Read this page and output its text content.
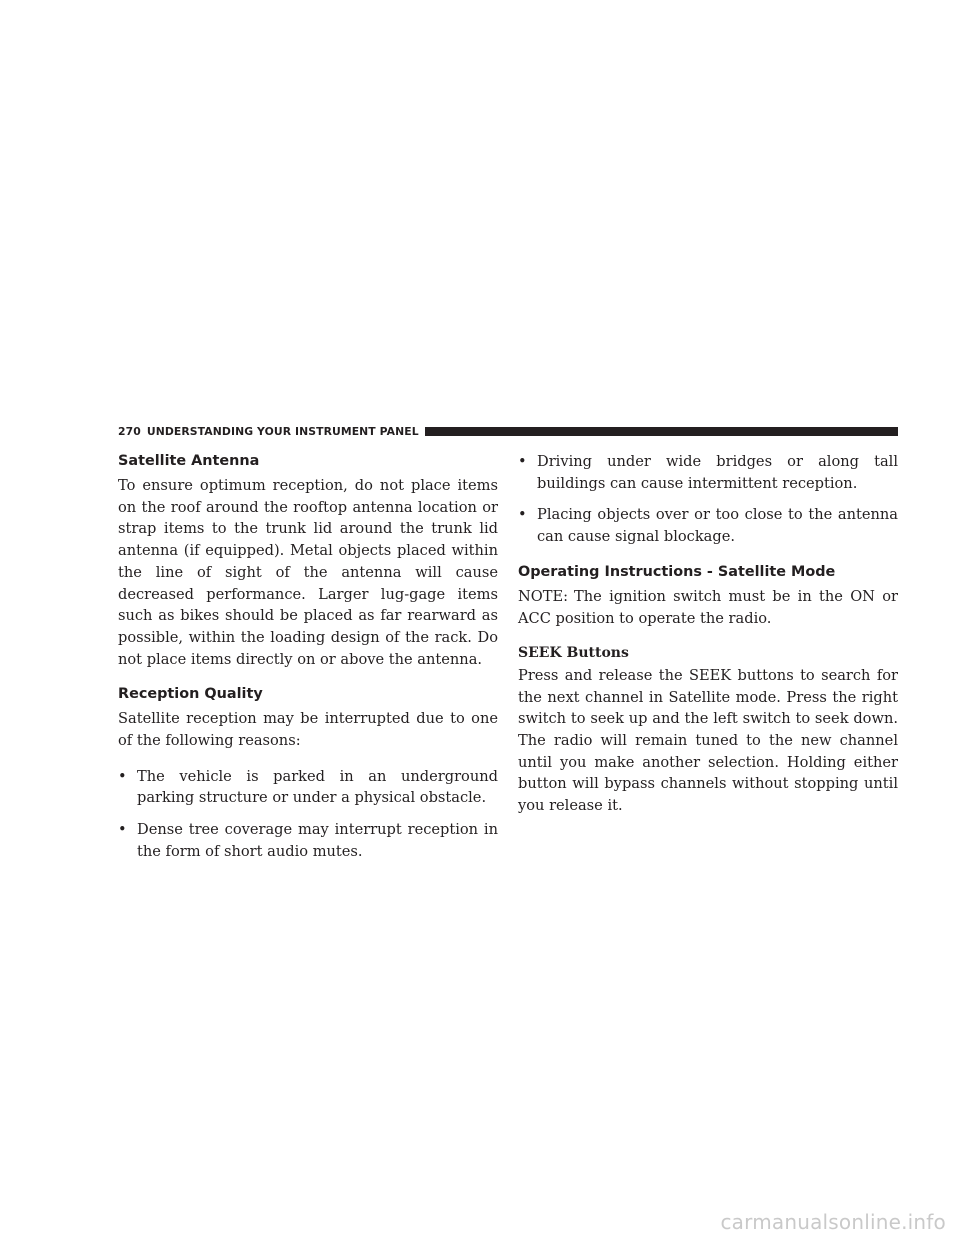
270 UNDERSTANDING YOUR INSTRUMENT PANEL
Satellite Antenna

To ensure optimum reception, do not place items on the roof around the rooftop antenna location or strap items to the trunk lid around the trunk lid antenna (if equipped). Metal objects placed within the line of sight of the antenna will cause decreased performance. Larger lug-gage items such as bikes should be placed as far rearward as possible, within the loading design of the rack. Do not place items directly on or above the antenna.

Reception Quality

Satellite reception may be interrupted due to one of the following reasons:

• The vehicle is parked in an underground parking structure or under a physical obstacle.
• Dense tree coverage may interrupt reception in the form of short audio mutes.
• Driving under wide bridges or along tall buildings can cause intermittent reception.
• Placing objects over or too close to the antenna can cause signal blockage.
Operating Instructions - Satellite Mode

NOTE: The ignition switch must be in the ON or ACC position to operate the radio.

SEEK Buttons

Press and release the SEEK buttons to search for the next channel in Satellite mode. Press the right switch to seek up and the left switch to seek down. The radio will remain tuned to the new channel until you make another selection. Holding either button will bypass channels without stopping until you release it.

carmanualsonline.info
